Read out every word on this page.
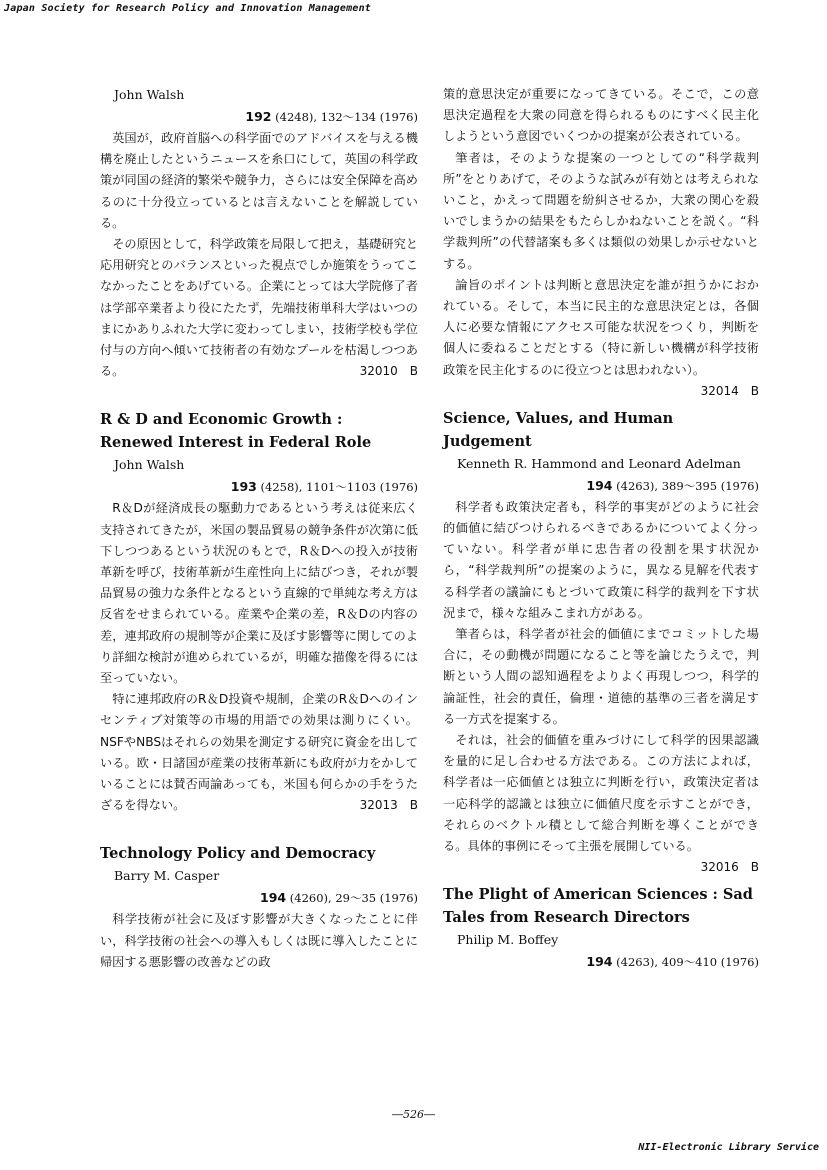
Japan Society for Research Policy and Innovation Management
John Walsh
192 (4248), 132～134 (1976)

英国が，政府首脳への科学面でのアドバイスを与える機構を廃止したというニュースを糸口にして，英国の科学政策が同国の経済的繁栄や競争力，さらには安全保障を高めるのに十分役立っているとは言えないことを解説している。

その原因として，科学政策を局限して把え，基礎研究と応用研究とのバランスといった視点でしか施策をうってこなかったことをあげている。企業にとっては大学院修了者は学部卒業者より役にたたず，先端技術単科大学はいつのまにかありふれた大学に変わってしまい，技術学校も学位付与の方向へ傾いて技術者の有効なプールを枯渇しつつある。	32010　B

R & D and Economic Growth : Renewed Interest in Federal Role
John Walsh
193 (4258), 1101～1103 (1976)

R＆Dが経済成長の駆動力であるという考えは従来広く支持されてきたが，米国の製品貿易の競争条件が次第に低下しつつあるという状況のもとで，R＆Dへの投入が技術革新を呼び，技術革新が生産性向上に結びつき，それが製品貿易の強力な条件となるという直線的で単純な考え方は反省をせまられている。産業や企業の差，R＆Dの内容の差，連邦政府の規制等が企業に及ぼす影響等に関してのより詳細な検討が進められているが，明確な描像を得るには至っていない。

特に連邦政府のR＆D投資や規制，企業のR＆Dへのインセンティブ対策等の市場的用語での効果は測りにくい。NSFやNBSはそれらの効果を測定する研究に資金を出している。欧・日諸国が産業の技術革新にも政府が力をかしていることには賛否両論あっても，米国も何らかの手をうたざるを得ない。	32013　B

Technology Policy and Democracy
Barry M. Casper
194 (4260), 29～35 (1976)

科学技術が社会に及ぼす影響が大きくなったことに伴い，科学技術の社会への導入もしくは既に導入したことに帰因する悪影響の改善などの政

策的意思決定が重要になってきている。そこで，この意思決定過程を大衆の同意を得られるものにすべく民主化しようという意図でいくつかの提案が公表されている。

筆者は，そのような提案の一つとしての“科学裁判所”をとりあげて，そのような試みが有効とは考えられないこと，かえって問題を紛糾させるか，大衆の関心を殺いでしまうかの結果をもたらしかねないことを説く。“科学裁判所”の代替諸案も多くは類似の効果しか示せないとする。

論旨のポイントは判断と意思決定を誰が担うかにおかれている。そして，本当に民主的な意思決定とは，各個人に必要な情報にアクセス可能な状況をつくり，判断を個人に委ねることだとする（特に新しい機構が科学技術政策を民主化するのに役立つとは思われない）。
32014　B

Science, Values, and Human Judgement
Kenneth R. Hammond and Leonard Adelman
194 (4263), 389～395 (1976)

科学者も政策決定者も，科学的事実がどのように社会的価値に結びつけられるべきであるかについてよく分っていない。科学者が単に忠告者の役割を果す状況から，“科学裁判所”の提案のように，異なる見解を代表する科学者の議論にもとづいて政策に科学的裁判を下す状況まで，様々な組みこまれ方がある。

筆者らは，科学者が社会的価値にまでコミットした場合に，その動機が問題になること等を論じたうえで，判断という人間の認知過程をよりよく再現しつつ，科学的論証性，社会的責任，倫理・道徳的基準の三者を満足する一方式を提案する。

それは，社会的価値を重みづけにして科学的因果認識を量的に足し合わせる方法である。この方法によれば，科学者は一応価値とは独立に判断を行い，政策決定者は一応科学的認識とは独立に価値尺度を示すことができ，それらのベクトル積として総合判断を導くことができる。具体的事例にそって主張を展開している。
32016　B

The Plight of American Sciences : Sad Tales from Research Directors
Philip M. Boffey
194 (4263), 409～410 (1976)
―526―
NII-Electronic Library Service
